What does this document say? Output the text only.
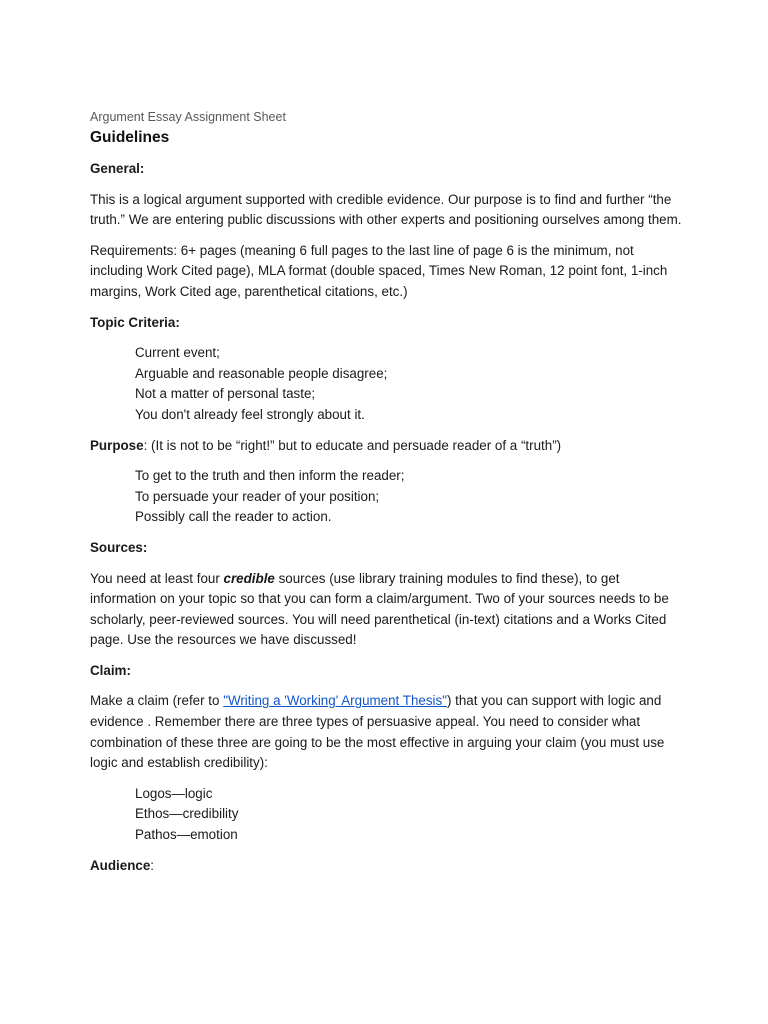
Argument Essay Assignment Sheet
Guidelines

General:

This is a logical argument supported with credible evidence. Our purpose is to find and further “the truth.” We are entering public discussions with other experts and positioning ourselves among them.

Requirements: 6+ pages (meaning 6 full pages to the last line of page 6 is the minimum, not including Work Cited page), MLA format (double spaced, Times New Roman, 12 point font, 1-inch margins, Work Cited age, parenthetical citations, etc.)

Topic Criteria:

Current event;
Arguable and reasonable people disagree;
Not a matter of personal taste;
You don't already feel strongly about it.

Purpose: (It is not to be “right!” but to educate and persuade reader of a “truth”)

To get to the truth and then inform the reader;
To persuade your reader of your position;
Possibly call the reader to action.

Sources:

You need at least four credible sources (use library training modules to find these), to get information on your topic so that you can form a claim/argument. Two of your sources needs to be scholarly, peer-reviewed sources. You will need parenthetical (in-text) citations and a Works Cited page. Use the resources we have discussed!

Claim:

Make a claim (refer to "Writing a 'Working' Argument Thesis") that you can support with logic and evidence . Remember there are three types of persuasive appeal. You need to consider what combination of these three are going to be the most effective in arguing your claim (you must use logic and establish credibility):

Logos—logic
Ethos—credibility
Pathos—emotion

Audience:
